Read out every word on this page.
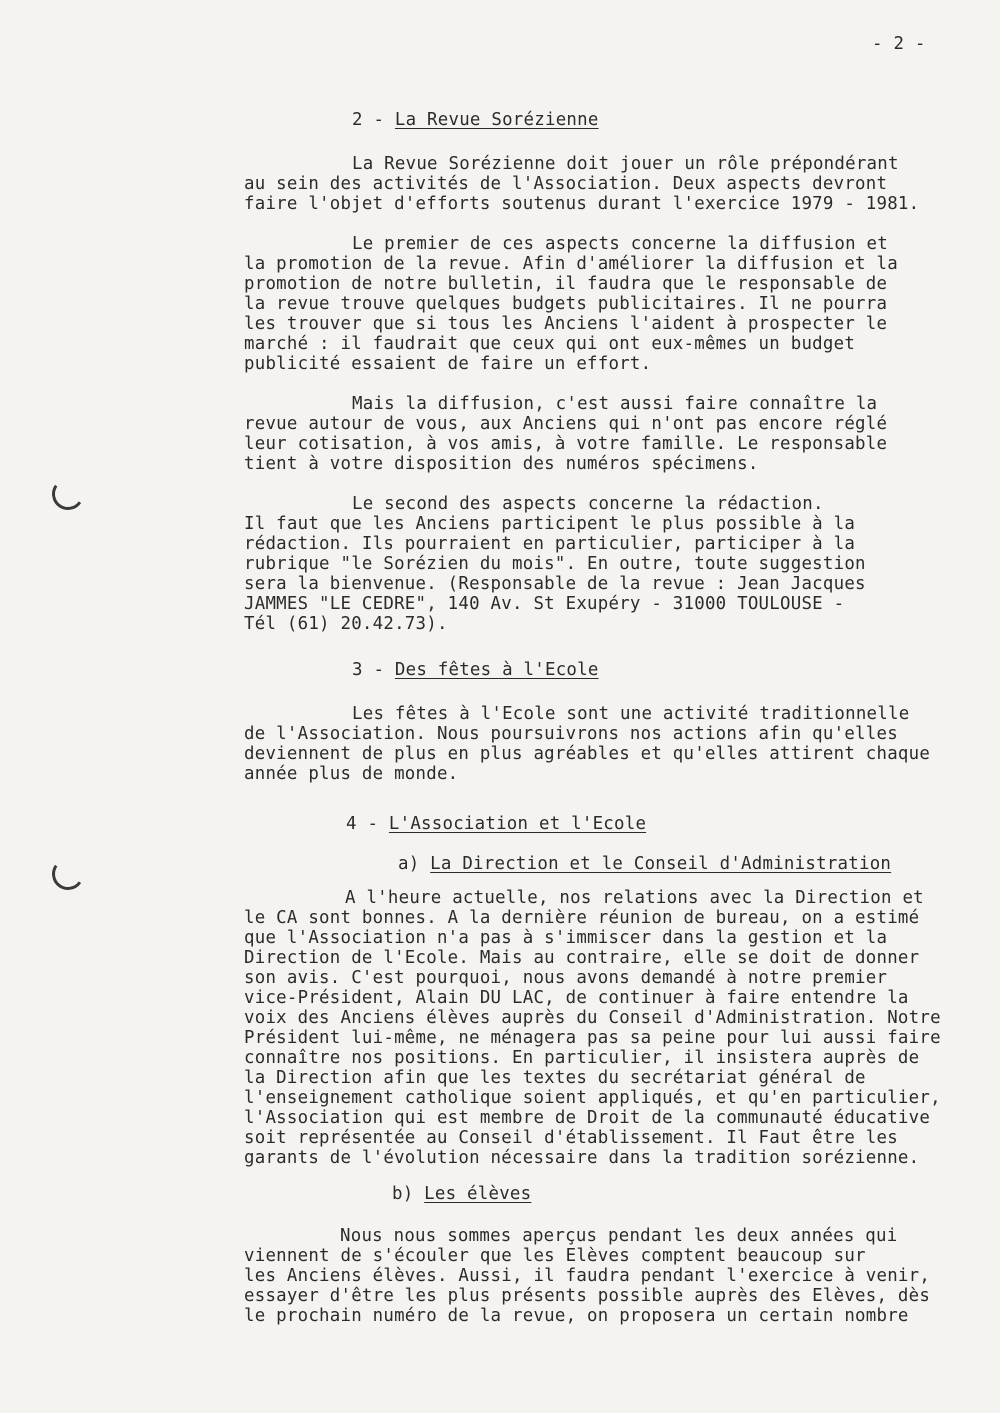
- 2 -
2 - La Revue Sorézienne
La Revue Sorézienne doit jouer un rôle prépondérant
au sein des activités de l'Association. Deux aspects devront
faire l'objet d'efforts soutenus durant l'exercice 1979 - 1981.
Le premier de ces aspects concerne la diffusion et
la promotion de la revue. Afin d'améliorer la diffusion et la
promotion de notre bulletin, il faudra que le responsable de
la revue trouve quelques budgets publicitaires. Il ne pourra
les trouver que si tous les Anciens l'aident à prospecter le
marché : il faudrait que ceux qui ont eux-mêmes un budget
publicité essaient de faire un effort.
Mais la diffusion, c'est aussi faire connaître la
revue autour de vous, aux Anciens qui n'ont pas encore réglé
leur cotisation, à vos amis, à votre famille. Le responsable
tient à votre disposition des numéros spécimens.
Le second des aspects concerne la rédaction.
Il faut que les Anciens participent le plus possible à la
rédaction. Ils pourraient en particulier, participer à la
rubrique "le Sorézien du mois". En outre, toute suggestion
sera la bienvenue. (Responsable de la revue : Jean Jacques
JAMMES "LE CEDRE", 140 Av. St Exupéry - 31000 TOULOUSE -
Tél (61) 20.42.73).
3 - Des fêtes à l'Ecole
Les fêtes à l'Ecole sont une activité traditionnelle
de l'Association. Nous poursuivrons nos actions afin qu'elles
deviennent de plus en plus agréables et qu'elles attirent chaque
année plus de monde.
4 - L'Association et l'Ecole
a) La Direction et le Conseil d'Administration
A l'heure actuelle, nos relations avec la Direction et
le CA sont bonnes. A la dernière réunion de bureau, on a estimé
que l'Association n'a pas à s'immiscer dans la gestion et la
Direction de l'Ecole. Mais au contraire, elle se doit de donner
son avis. C'est pourquoi, nous avons demandé à notre premier
vice-Président, Alain DU LAC, de continuer à faire entendre la
voix des Anciens élèves auprès du Conseil d'Administration. Notre
Président lui-même, ne ménagera pas sa peine pour lui aussi faire
connaître nos positions. En particulier, il insistera auprès de
la Direction afin que les textes du secrétariat général de
l'enseignement catholique soient appliqués, et qu'en particulier,
l'Association qui est membre de Droit de la communauté éducative
soit représentée au Conseil d'établissement. Il Faut être les
garants de l'évolution nécessaire dans la tradition sorézienne.
b) Les élèves
Nous nous sommes aperçus pendant les deux années qui
viennent de s'écouler que les Elèves comptent beaucoup sur
les Anciens élèves. Aussi, il faudra pendant l'exercice à venir,
essayer d'être les plus présents possible auprès des Elèves, dès
le prochain numéro de la revue, on proposera un certain nombre
